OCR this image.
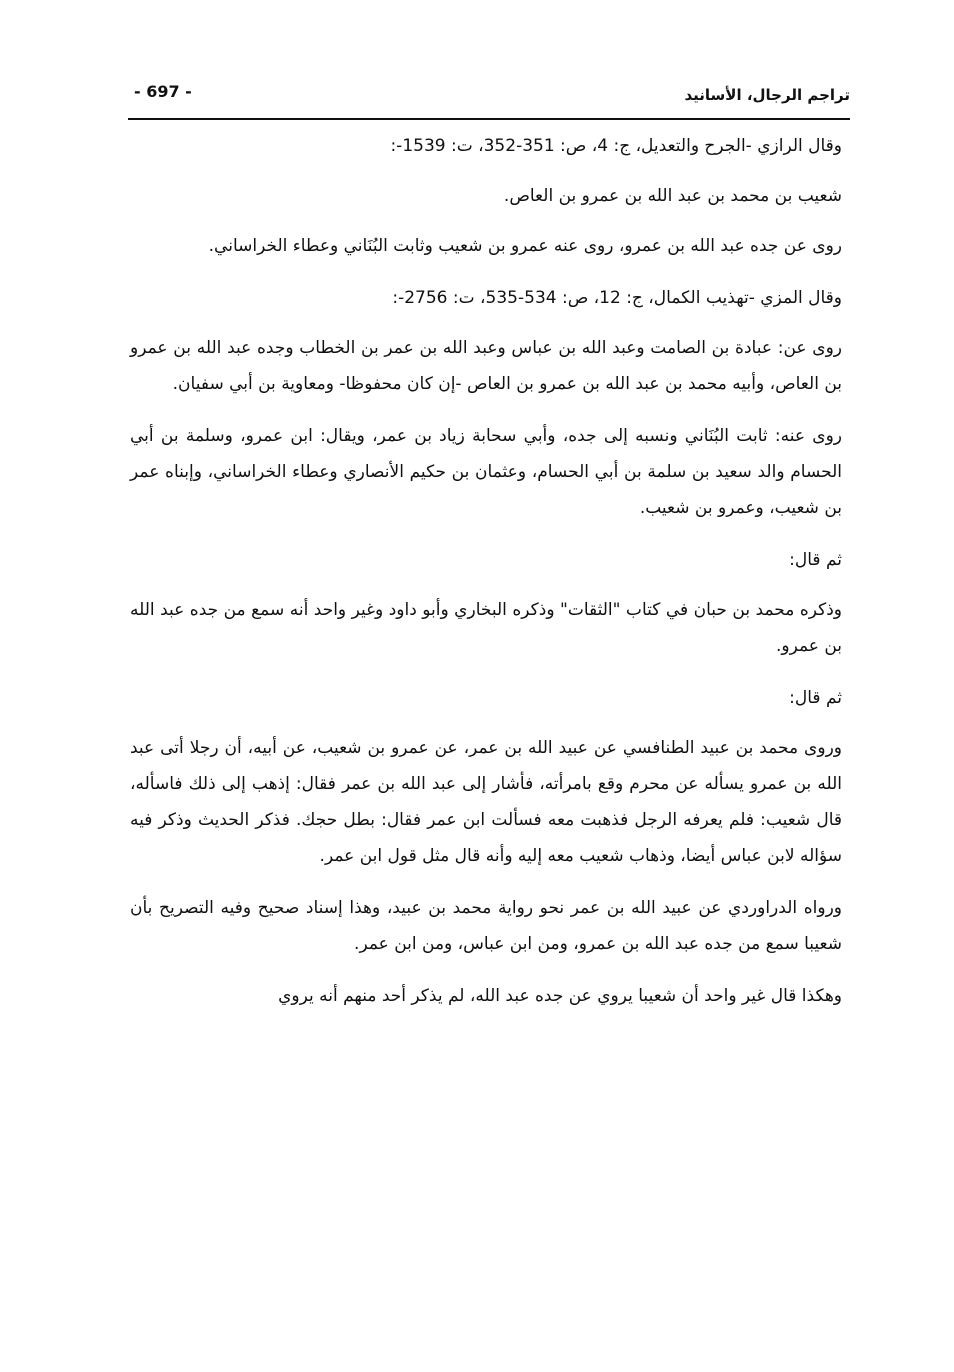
تراجم الرجال، الأسانيد
- 697 -

وقال الرازي -الجرح والتعديل، ج: 4، ص: 351-352، ت: 1539-:

شعيب بن محمد بن عبد الله بن عمرو بن العاص.

روى عن جده عبد الله بن عمرو، روى عنه عمرو بن شعيب وثابت البُنَاني وعطاء الخراساني.

وقال المزي -تهذيب الكمال، ج: 12، ص: 534-535، ت: 2756-:

روى عن: عبادة بن الصامت وعبد الله بن عباس وعبد الله بن عمر بن الخطاب وجده عبد الله بن عمرو بن العاص، وأبيه محمد بن عبد الله بن عمرو بن العاص -إن كان محفوظا- ومعاوية بن أبي سفيان.

روى عنه: ثابت البُنَاني ونسبه إلى جده، وأبي سحابة زياد بن عمر، ويقال: ابن عمرو، وسلمة بن أبي الحسام والد سعيد بن سلمة بن أبي الحسام، وعثمان بن حكيم الأنصاري وعطاء الخراساني، وإبناه عمر بن شعيب، وعمرو بن شعيب.

ثم قال:

وذكره محمد بن حبان في كتاب "الثقات" وذكره البخاري وأبو داود وغير واحد أنه سمع من جده عبد الله بن عمرو.

ثم قال:

وروى محمد بن عبيد الطنافسي عن عبيد الله بن عمر، عن عمرو بن شعيب، عن أبيه، أن رجلا أتى عبد الله بن عمرو يسأله عن محرم وقع بامرأته، فأشار إلى عبد الله بن عمر فقال: إذهب إلى ذلك فاسأله، قال شعيب: فلم يعرفه الرجل فذهبت معه فسألت ابن عمر فقال: بطل حجك. فذكر الحديث وذكر فيه سؤاله لابن عباس أيضا، وذهاب شعيب معه إليه وأنه قال مثل قول ابن عمر.

ورواه الدراوردي عن عبيد الله بن عمر نحو رواية محمد بن عبيد، وهذا إسناد صحيح وفيه التصريح بأن شعيبا سمع من جده عبد الله بن عمرو، ومن ابن عباس، ومن ابن عمر.

وهكذا قال غير واحد أن شعيبا يروي عن جده عبد الله، لم يذكر أحد منهم أنه يروي
